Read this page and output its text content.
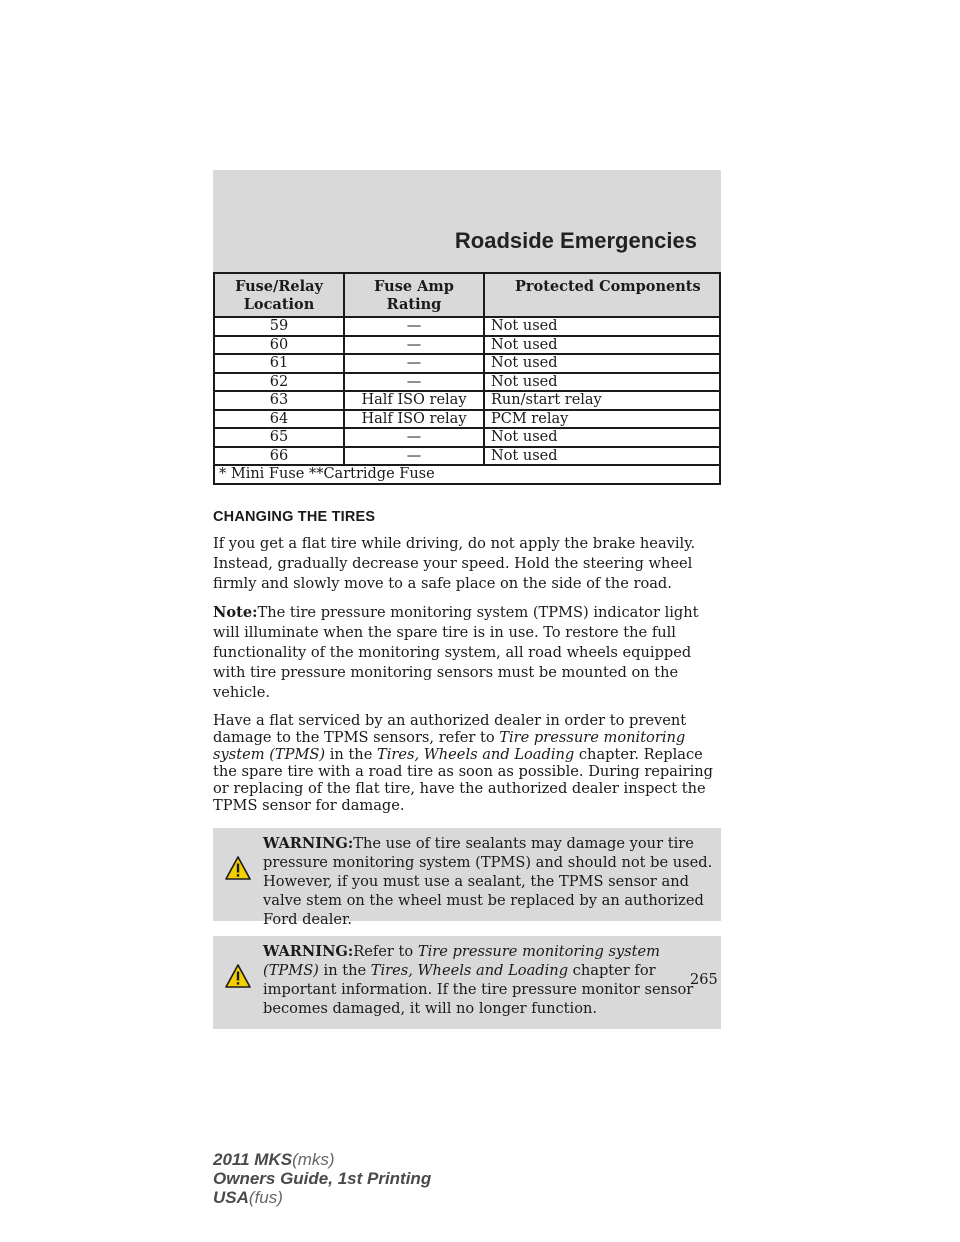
Roadside Emergencies
Fuse/Relay Location	Fuse Amp Rating	Protected Components
59	—	Not used
60	—	Not used
61	—	Not used
62	—	Not used
63	Half ISO relay	Run/start relay
64	Half ISO relay	PCM relay
65	—	Not used
66	—	Not used
* Mini Fuse **Cartridge Fuse		
CHANGING THE TIRES

If you get a flat tire while driving, do not apply the brake heavily. Instead, gradually decrease your speed. Hold the steering wheel firmly and slowly move to a safe place on the side of the road.

Note:The tire pressure monitoring system (TPMS) indicator light will illuminate when the spare tire is in use. To restore the full functionality of the monitoring system, all road wheels equipped with tire pressure monitoring sensors must be mounted on the vehicle.

Have a flat serviced by an authorized dealer in order to prevent damage to the TPMS sensors, refer to Tire pressure monitoring system (TPMS) in the Tires, Wheels and Loading chapter. Replace the spare tire with a road tire as soon as possible. During repairing or replacing of the flat tire, have the authorized dealer inspect the TPMS sensor for damage.

WARNING:The use of tire sealants may damage your tire pressure monitoring system (TPMS) and should not be used. However, if you must use a sealant, the TPMS sensor and valve stem on the wheel must be replaced by an authorized Ford dealer.
WARNING:Refer to Tire pressure monitoring system (TPMS) in the Tires, Wheels and Loading chapter for important information. If the tire pressure monitor sensor becomes damaged, it will no longer function.
265
2011 MKS(mks)
Owners Guide, 1st Printing
USA(fus)
